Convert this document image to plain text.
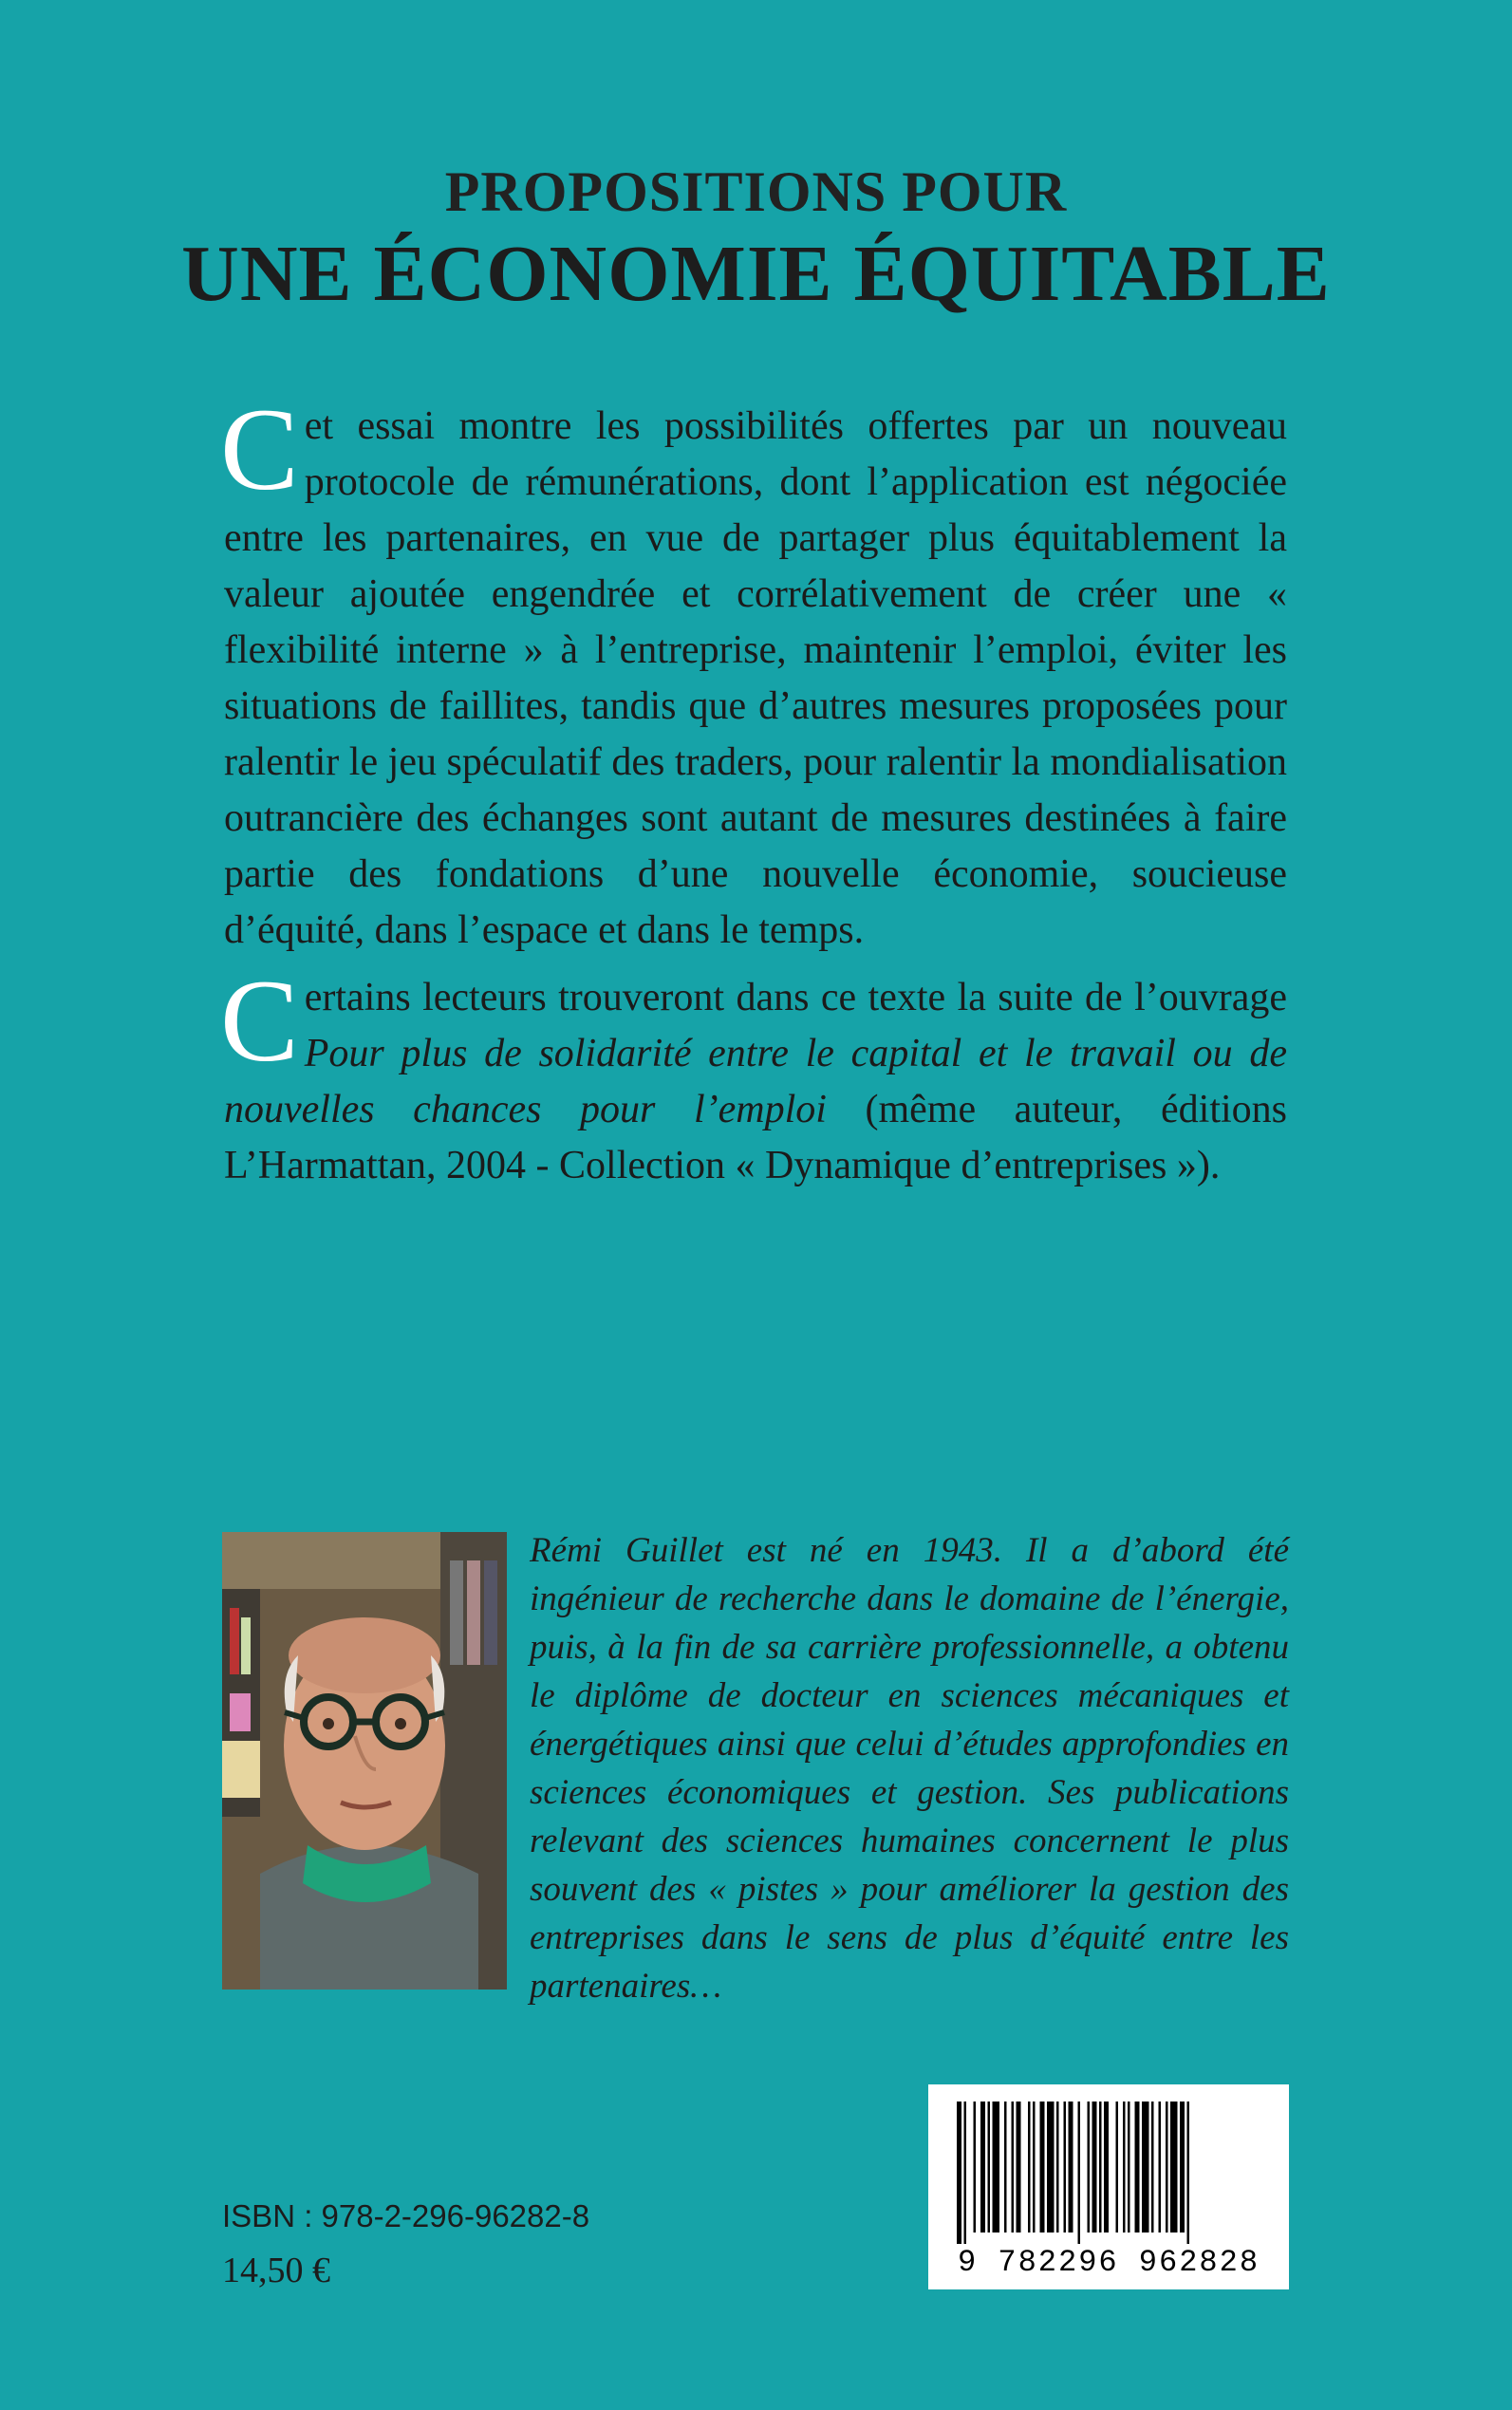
PROPOSITIONS POUR
UNE ÉCONOMIE ÉQUITABLE

Cet essai montre les possibilités offertes par un nouveau protocole de rémunérations, dont l’application est négociée entre les partenaires, en vue de partager plus équitablement la valeur ajoutée engendrée et corrélativement de créer une « flexibilité interne » à l’entreprise, maintenir l’emploi, éviter les situations de faillites, tandis que d’autres mesures proposées pour ralentir le jeu spéculatif des traders, pour ralentir la mondialisation outrancière des échanges sont autant de mesures destinées à faire partie des fondations d’une nouvelle économie, soucieuse d’équité, dans l’espace et dans le temps.

Certains lecteurs trouveront dans ce texte la suite de l’ouvrage Pour plus de solidarité entre le capital et le travail ou de nouvelles chances pour l’emploi (même auteur, éditions L’Harmattan, 2004 - Collection « Dynamique d’entreprises »).

Rémi Guillet est né en 1943. Il a d’abord été ingénieur de recherche dans le domaine de l’énergie, puis, à la fin de sa carrière professionnelle, a obtenu le diplôme de docteur en sciences mécaniques et énergétiques ainsi que celui d’études approfondies en sciences économiques et gestion. Ses publications relevant des sciences humaines concernent le plus souvent des « pistes » pour améliorer la gestion des entreprises dans le sens de plus d’équité entre les partenaires…
9 782296 962828
ISBN : 978-2-296-96282-8
14,50 €
